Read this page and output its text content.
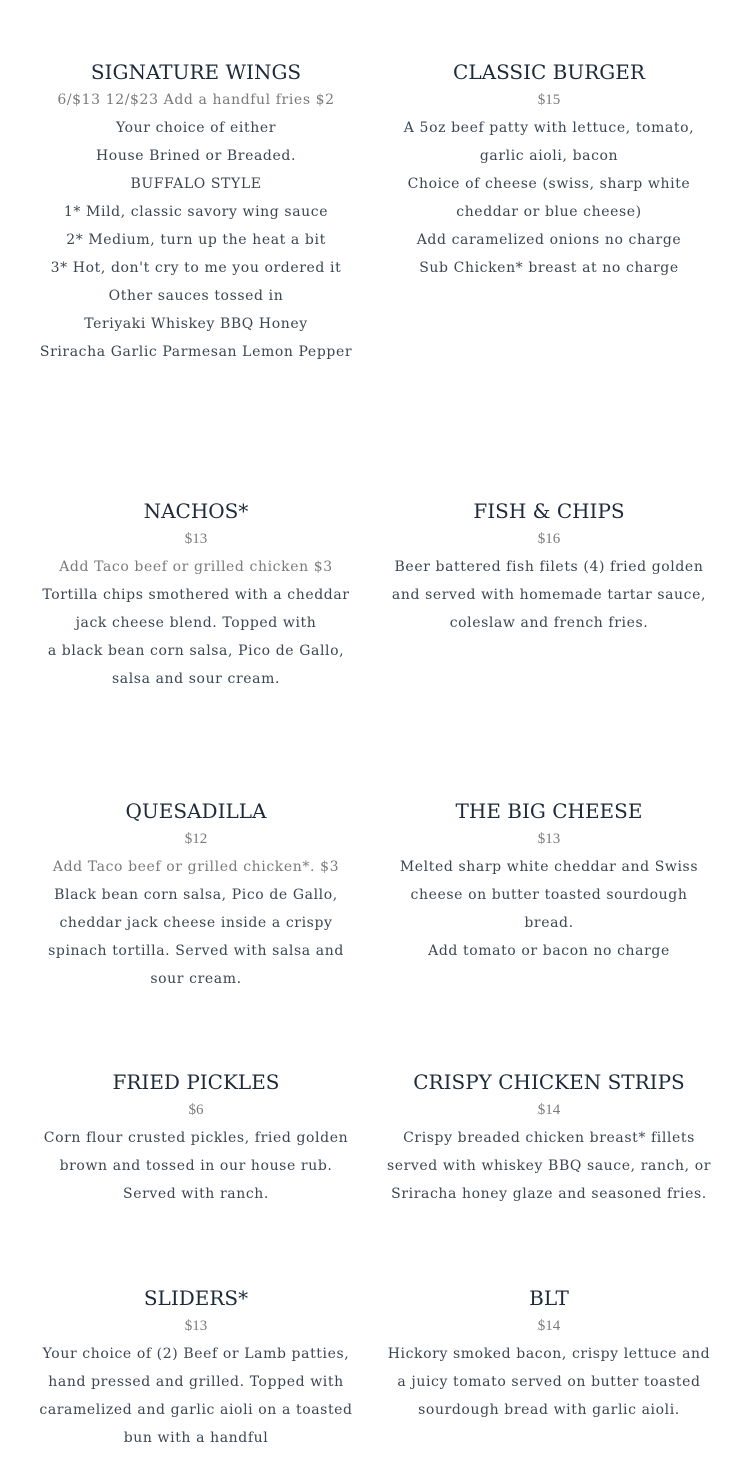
SIGNATURE WINGS
6/$13 12/$23 Add a handful fries $2
Your choice of either
House Brined or Breaded.
BUFFALO STYLE
1* Mild, classic savory wing sauce
2* Medium, turn up the heat a bit
3* Hot, don't cry to me you ordered it
Other sauces tossed in
Teriyaki Whiskey BBQ Honey
Sriracha Garlic Parmesan Lemon Pepper
CLASSIC BURGER
$15
A 5oz beef patty with lettuce, tomato,
garlic aioli, bacon
Choice of cheese (swiss, sharp white
cheddar or blue cheese)
Add caramelized onions no charge
Sub Chicken* breast at no charge
NACHOS*
$13
Add Taco beef or grilled chicken $3
Tortilla chips smothered with a cheddar jack cheese blend. Topped with
a black bean corn salsa, Pico de Gallo,
salsa and sour cream.
FISH & CHIPS
$16
Beer battered fish filets (4) fried golden
and served with homemade tartar sauce, coleslaw and french fries.
QUESADILLA
$12
Add Taco beef or grilled chicken*. $3
Black bean corn salsa, Pico de Gallo, cheddar jack cheese inside a crispy spinach tortilla. Served with salsa and sour cream.
THE BIG CHEESE
$13
Melted sharp white cheddar and Swiss cheese on butter toasted sourdough bread.
Add tomato or bacon no charge
FRIED PICKLES
$6
Corn flour crusted pickles, fried golden brown and tossed in our house rub. Served with ranch.
CRISPY CHICKEN STRIPS
$14
Crispy breaded chicken breast* fillets served with whiskey BBQ sauce, ranch, or Sriracha honey glaze and seasoned fries.
SLIDERS*
$13
Your choice of (2) Beef or Lamb patties,
hand pressed and grilled. Topped with caramelized and garlic aioli on a toasted bun with a handful
BLT
$14
Hickory smoked bacon, crispy lettuce and
a juicy tomato served on butter toasted
sourdough bread with garlic aioli.
